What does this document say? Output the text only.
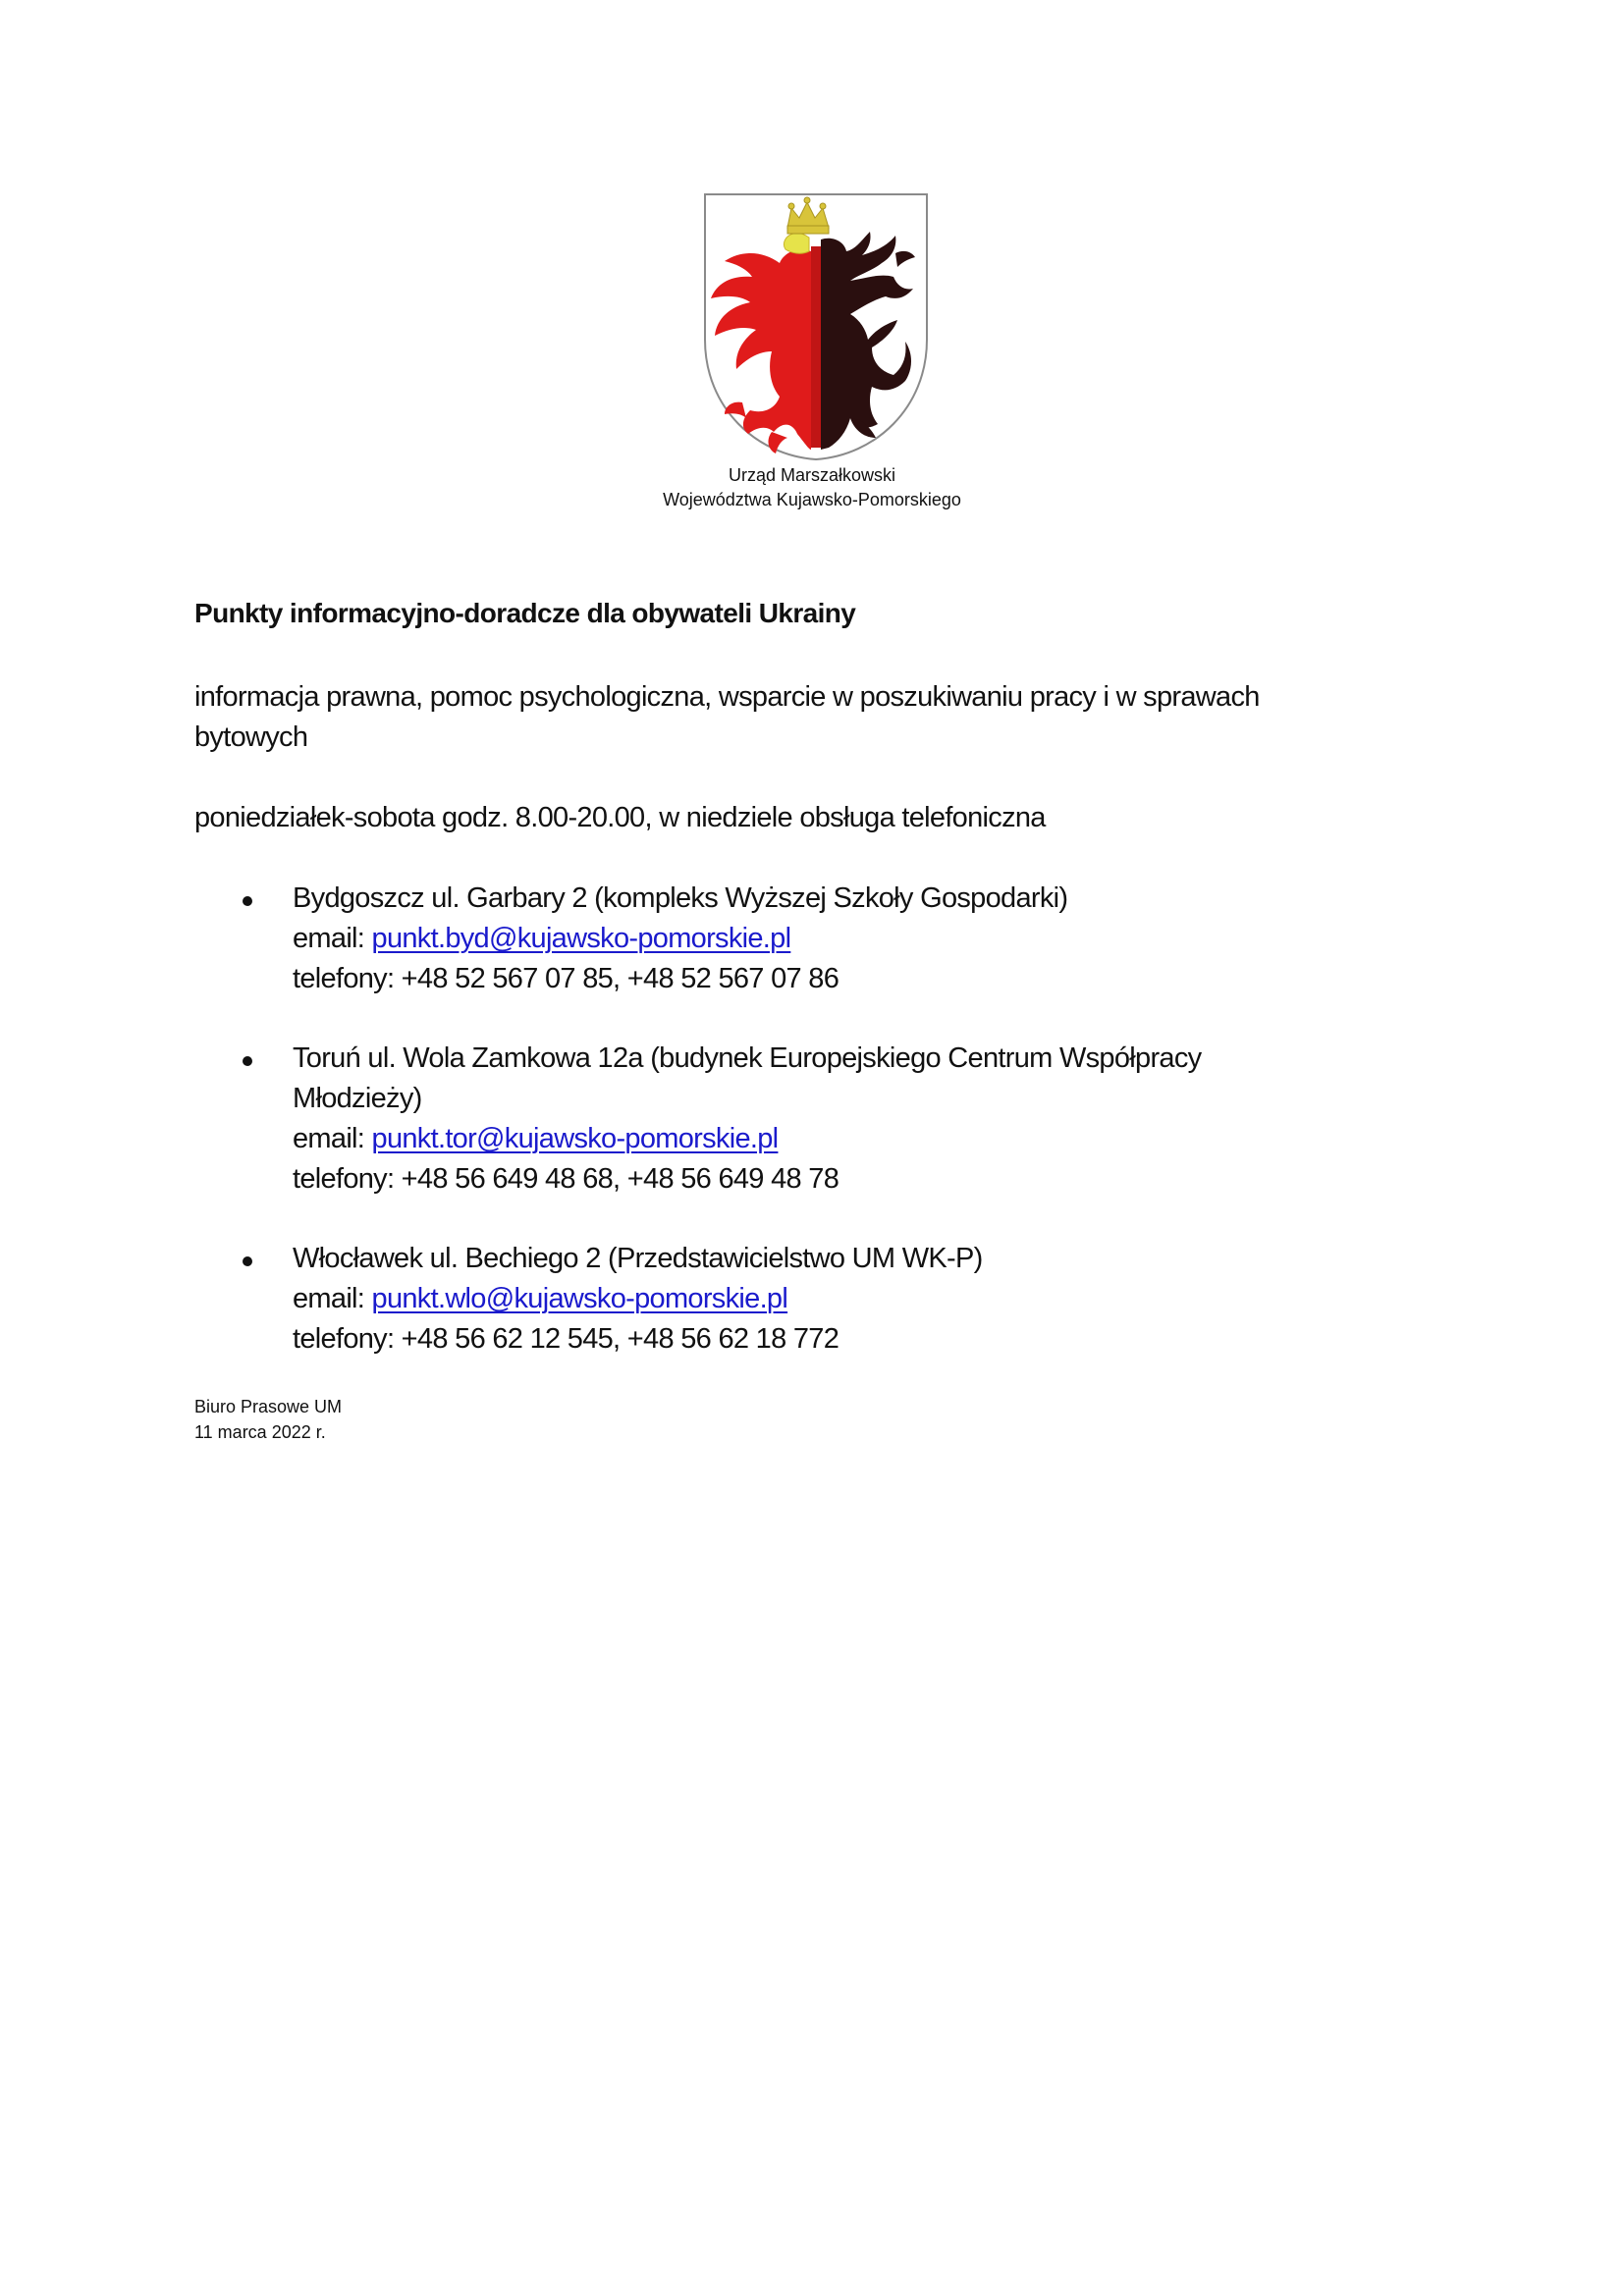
Urząd Marszałkowski
Województwa Kujawsko-Pomorskiego
Punkty informacyjno-doradcze dla obywateli Ukrainy
informacja prawna, pomoc psychologiczna, wsparcie w poszukiwaniu pracy i w sprawach
bytowych
poniedziałek-sobota godz. 8.00-20.00, w niedziele obsługa telefoniczna
Bydgoszcz ul. Garbary 2 (kompleks Wyższej Szkoły Gospodarki)
email: punkt.byd@kujawsko-pomorskie.pl
telefony: +48 52 567 07 85, +48 52 567 07 86
Toruń ul. Wola Zamkowa 12a (budynek Europejskiego Centrum Współpracy
Młodzieży)
email: punkt.tor@kujawsko-pomorskie.pl
telefony: +48 56 649 48 68, +48 56 649 48 78
Włocławek ul. Bechiego 2 (Przedstawicielstwo UM WK-P)
email: punkt.wlo@kujawsko-pomorskie.pl
telefony: +48 56 62 12 545, +48 56 62 18 772
Biuro Prasowe UM
11 marca 2022 r.
